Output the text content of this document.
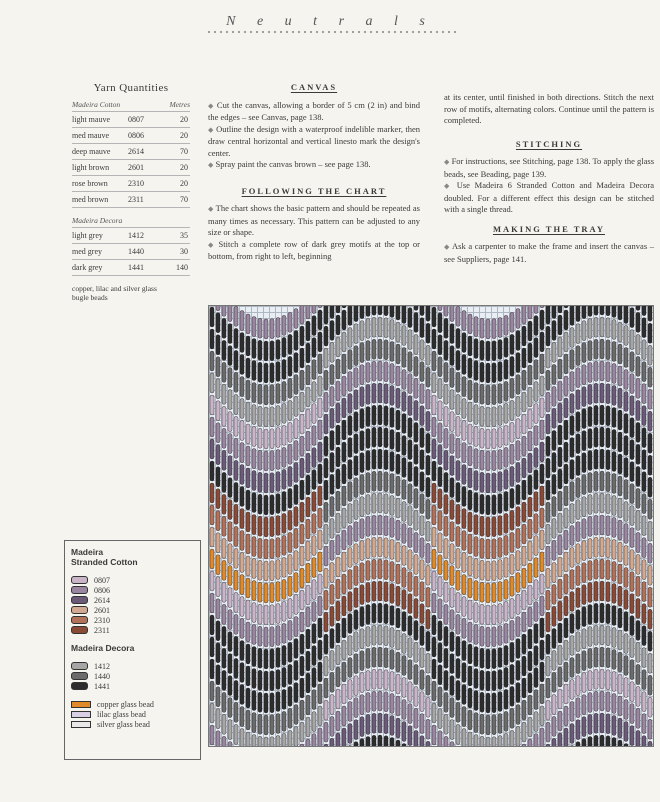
N e u t r a l s
Yarn Quantities
Madeira Cotton	Metres
light mauve	0807	20
med mauve	0806	20
deep mauve	2614	70
light brown	2601	20
rose brown	2310	20
med brown	2311	70
Madeira Decora
light grey	1412	35
med grey	1440	30
dark grey	1441	140
copper, lilac and silver glass bugle beads
CANVAS

◆ Cut the canvas, allowing a border of 5 cm (2 in) and bind the edges – see Canvas, page 138.

◆ Outline the design with a waterproof indelible marker, then draw central horizontal and vertical linesto mark the design's center.

◆ Spray paint the canvas brown – see page 138.

FOLLOWING THE CHART

◆ The chart shows the basic pattern and should be repeated as many times as necessary. This pattern can be adjusted to any size or shape.

◆ Stitch a complete row of dark grey motifs at the top or bottom, from right to left, beginning

at its center, until finished in both directions. Stitch the next row of motifs, alternating colors. Continue until the pattern is completed.

STITCHING

◆ For instructions, see Stitching, page 138. To apply the glass beads, see Beading, page 139.

◆ Use Madeira 6 Stranded Cotton and Madeira Decora doubled. For a different effect this design can be stitched with a single thread.

MAKING THE TRAY

◆ Ask a carpenter to make the frame and insert the canvas – see Suppliers, page 141.

Madeira
Stranded Cotton
0807
0806
2614
2601
2310
2311
Madeira Decora
1412
1440
1441
copper glass bead
lilac glass bead
silver glass bead
